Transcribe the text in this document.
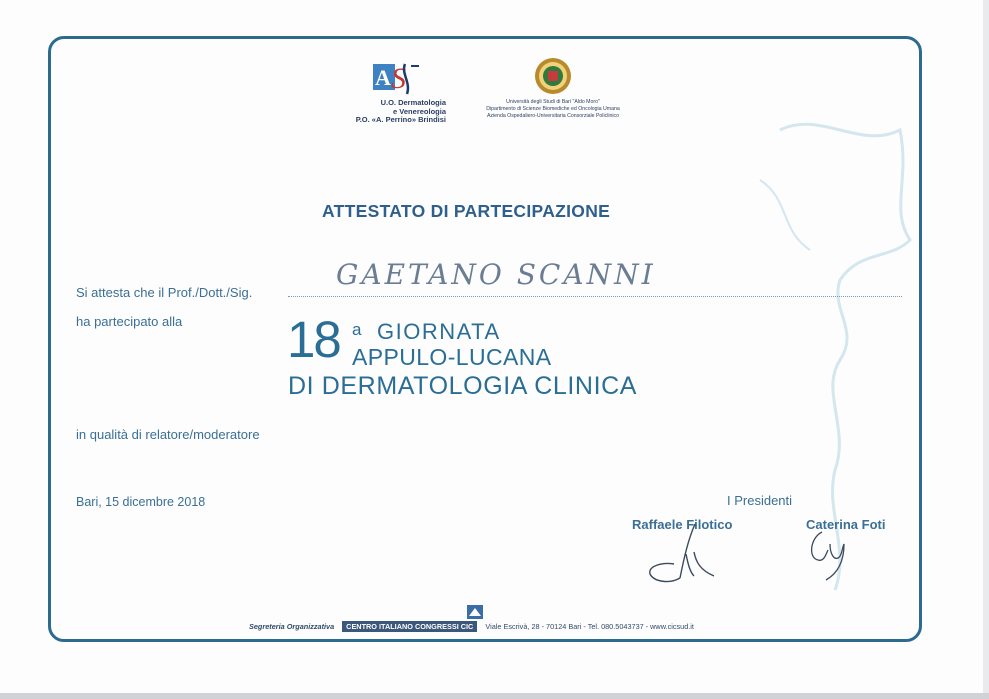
A S
U.O. Dermatologia
e Venereologia
P.O. «A. Perrino» Brindisi
Università degli Studi di Bari "Aldo Moro"
Dipartimento di Scienze Biomediche ed Oncologia Umana
Azienda Ospedaliero-Universitaria Consorziale Policlinico
ATTESTATO DI PARTECIPAZIONE
Si attesta che il Prof./Dott./Sig.
GAETANO SCANNI
ha partecipato alla 18 a GIORNATA
APPULO-LUCANA
DI DERMATOLOGIA CLINICA
in qualità di relatore/moderatore
Bari, 15 dicembre 2018	I Presidenti
Raffaele Filotico	Caterina Foti
Segreteria Organizzativa	CENTRO ITALIANO CONGRESSI CIC	Viale Escrivà, 28 - 70124 Bari - Tel. 080.5043737 - www.cicsud.it
